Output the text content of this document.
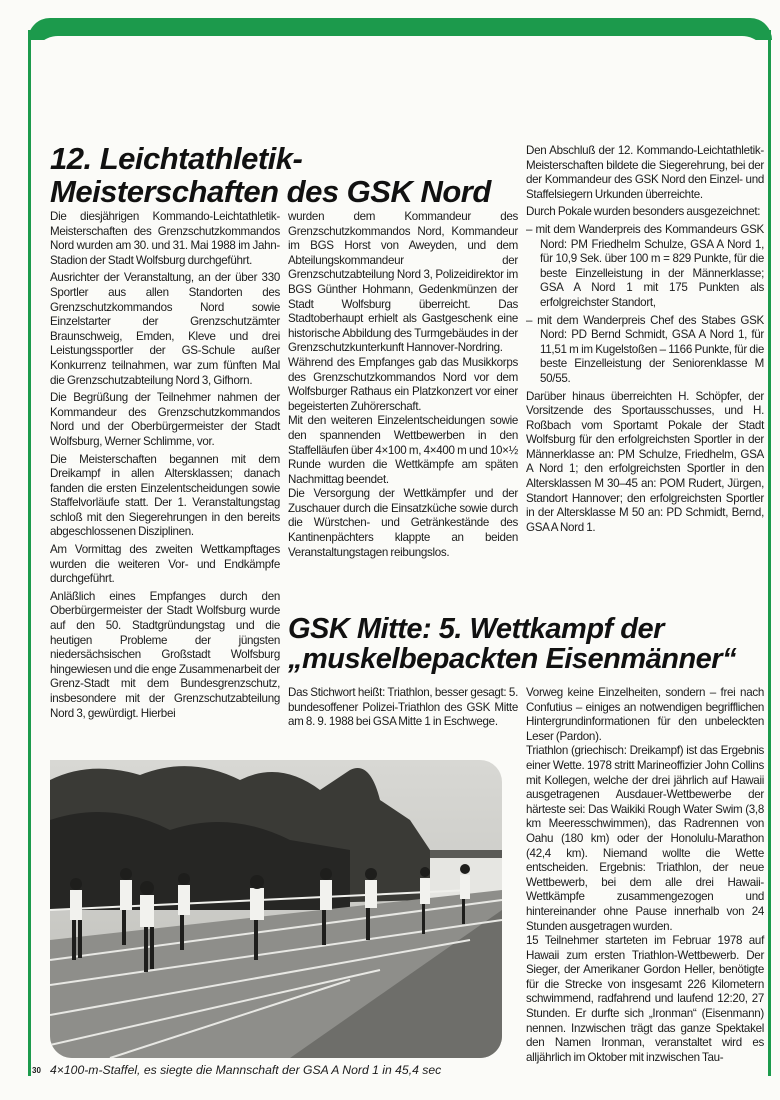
12. Leichtathletik-Meisterschaften des GSK Nord

Die diesjährigen Kommando-Leichtathletik-Meisterschaften des Grenzschutzkommandos Nord wurden am 30. und 31. Mai 1988 im Jahn-Stadion der Stadt Wolfsburg durchgeführt.

Ausrichter der Veranstaltung, an der über 330 Sportler aus allen Standorten des Grenzschutzkommandos Nord sowie Einzelstarter der Grenzschutzämter Braunschweig, Emden, Kleve und drei Leistungssportler der GS-Schule außer Konkurrenz teilnahmen, war zum fünften Mal die Grenzschutzabteilung Nord 3, Gifhorn.

Die Begrüßung der Teilnehmer nahmen der Kommandeur des Grenzschutzkommandos Nord und der Oberbürgermeister der Stadt Wolfsburg, Werner Schlimme, vor.

Die Meisterschaften begannen mit dem Dreikampf in allen Altersklassen; danach fanden die ersten Einzelentscheidungen sowie Staffelvorläufe statt. Der 1. Veranstaltungstag schloß mit den Siegerehrungen in den bereits abgeschlossenen Disziplinen.

Am Vormittag des zweiten Wettkampftages wurden die weiteren Vor- und Endkämpfe durchgeführt.

Anläßlich eines Empfanges durch den Oberbürgermeister der Stadt Wolfsburg wurde auf den 50. Stadtgründungstag und die heutigen Probleme der jüngsten niedersächsischen Großstadt Wolfsburg hingewiesen und die enge Zusammenarbeit der Grenz-Stadt mit dem Bundesgrenzschutz, insbesondere mit der Grenzschutzabteilung Nord 3, gewürdigt. Hierbei

wurden dem Kommandeur des Grenzschutzkommandos Nord, Kommandeur im BGS Horst von Aweyden, und dem Abteilungskommandeur der Grenzschutzabteilung Nord 3, Polizeidirektor im BGS Günther Hohmann, Gedenkmünzen der Stadt Wolfsburg überreicht. Das Stadtoberhaupt erhielt als Gastgeschenk eine historische Abbildung des Turmgebäudes in der Grenzschutzkunterkunft Hannover-Nordring.

Während des Empfanges gab das Musikkorps des Grenzschutzkommandos Nord vor dem Wolfsburger Rathaus ein Platzkonzert vor einer begeisterten Zuhörerschaft.

Mit den weiteren Einzelentscheidungen sowie den spannenden Wettbewerben in den Staffelläufen über 4×100 m, 4×400 m und 10×½ Runde wurden die Wettkämpfe am späten Nachmittag beendet.

Die Versorgung der Wettkämpfer und der Zuschauer durch die Einsatzküche sowie durch die Würstchen- und Getränkestände des Kantinenpächters klappte an beiden Veranstaltungstagen reibungslos.

Den Abschluß der 12. Kommando-Leichtathletik-Meisterschaften bildete die Siegerehrung, bei der der Kommandeur des GSK Nord den Einzel- und Staffelsiegern Urkunden überreichte.

Durch Pokale wurden besonders ausgezeichnet:

– mit dem Wanderpreis des Kommandeurs GSK Nord: PM Friedhelm Schulze, GSA A Nord 1, für 10,9 Sek. über 100 m = 829 Punkte, für die beste Einzelleistung in der Männerklasse; GSA A Nord 1 mit 175 Punkten als erfolgreichster Standort,
– mit dem Wanderpreis Chef des Stabes GSK Nord: PD Bernd Schmidt, GSA A Nord 1, für 11,51 m im Kugelstoßen – 1166 Punkte, für die beste Einzelleistung der Seniorenklasse M 50/55.

Darüber hinaus überreichten H. Schöpfer, der Vorsitzende des Sportausschusses, und H. Roßbach vom Sportamt Pokale der Stadt Wolfsburg für den erfolgreichsten Sportler in der Männerklasse an: PM Schulze, Friedhelm, GSA A Nord 1; den erfolgreichsten Sportler in den Altersklassen M 30–45 an: POM Rudert, Jürgen, Standort Hannover; den erfolgreichsten Sportler in der Altersklasse M 50 an: PD Schmidt, Bernd, GSA A Nord 1.

GSK Mitte: 5. Wettkampf der „muskelbepackten Eisenmänner“

Das Stichwort heißt: Triathlon, besser gesagt: 5. bundesoffener Polizei-Triathlon des GSK Mitte am 8. 9. 1988 bei GSA Mitte 1 in Eschwege.

Vorweg keine Einzelheiten, sondern – frei nach Confutius – einiges an notwendigen begrifflichen Hintergrundinformationen für den unbeleckten Leser (Pardon).

Triathlon (griechisch: Dreikampf) ist das Ergebnis einer Wette. 1978 stritt Marineoffizier John Collins mit Kollegen, welche der drei jährlich auf Hawaii ausgetragenen Ausdauer-Wettbewerbe der härteste sei: Das Waikiki Rough Water Swim (3,8 km Meeresschwimmen), das Radrennen von Oahu (180 km) oder der Honolulu-Marathon (42,4 km). Niemand wollte die Wette entscheiden. Ergebnis: Triathlon, der neue Wettbewerb, bei dem alle drei Hawaii-Wettkämpfe zusammengezogen und hintereinander ohne Pause innerhalb von 24 Stunden ausgetragen wurden.

15 Teilnehmer starteten im Februar 1978 auf Hawaii zum ersten Triathlon-Wettbewerb. Der Sieger, der Amerikaner Gordon Heller, benötigte für die Strecke von insgesamt 226 Kilometern schwimmend, radfahrend und laufend 12:20, 27 Stunden. Er durfte sich „Ironman“ (Eisenmann) nennen. Inzwischen trägt das ganze Spektakel den Namen Ironman, veranstaltet wird es alljährlich im Oktober mit inzwischen Tau-

30 4×100-m-Staffel, es siegte die Mannschaft der GSA A Nord 1 in 45,4 sec
